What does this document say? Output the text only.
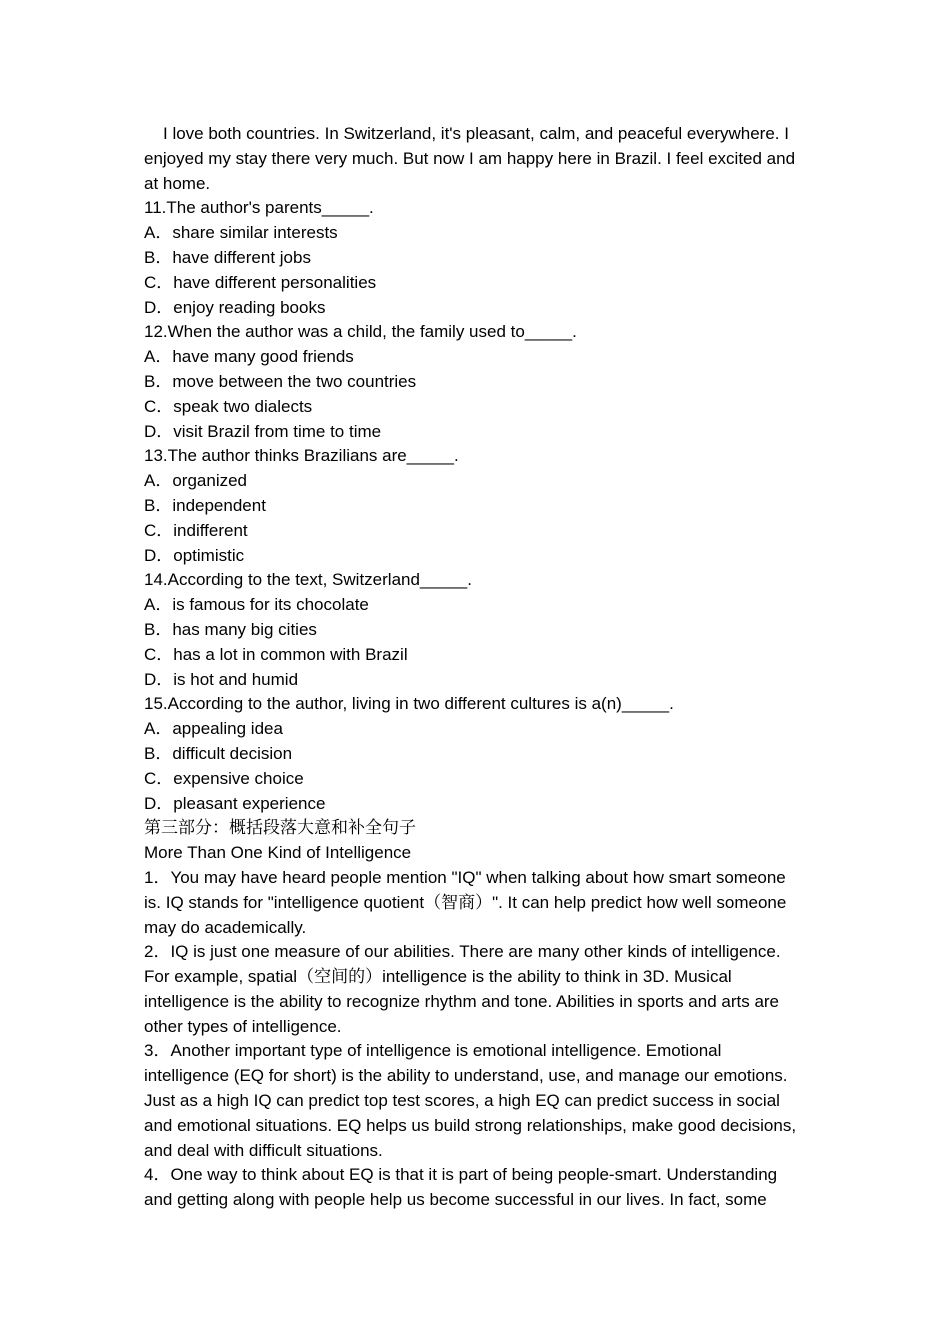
I love both countries. In Switzerland, it's pleasant, calm, and peaceful everywhere. I enjoyed my stay there very much. But now I am happy here in Brazil. I feel excited and at home.

11.The author's parents_____.

A．share similar interests

B．have different jobs

C．have different personalities

D．enjoy reading books

12.When the author was a child, the family used to_____.

A．have many good friends

B．move between the two countries

C．speak two dialects

D．visit Brazil from time to time

13.The author thinks Brazilians are_____.

A．organized

B．independent

C．indifferent

D．optimistic

14.According to the text, Switzerland_____.

A．is famous for its chocolate

B．has many big cities

C．has a lot in common with Brazil

D．is hot and humid

15.According to the author, living in two different cultures is a(n)_____.

A．appealing idea

B．difficult decision

C．expensive choice

D．pleasant experience

第三部分：概括段落大意和补全句子

More Than One Kind of Intelligence

1．You may have heard people mention "IQ" when talking about how smart someone is. IQ stands for "intelligence quotient（智商）". It can help predict how well someone may do academically.

2．IQ is just one measure of our abilities. There are many other kinds of intelligence. For example, spatial（空间的）intelligence is the ability to think in 3D. Musical intelligence is the ability to recognize rhythm and tone. Abilities in sports and arts are other types of intelligence.

3．Another important type of intelligence is emotional intelligence. Emotional intelligence (EQ for short) is the ability to understand, use, and manage our emotions. Just as a high IQ can predict top test scores, a high EQ can predict success in social and emotional situations. EQ helps us build strong relationships, make good decisions, and deal with difficult situations.

4．One way to think about EQ is that it is part of being people-smart. Understanding and getting along with people help us become successful in our lives. In fact, some
